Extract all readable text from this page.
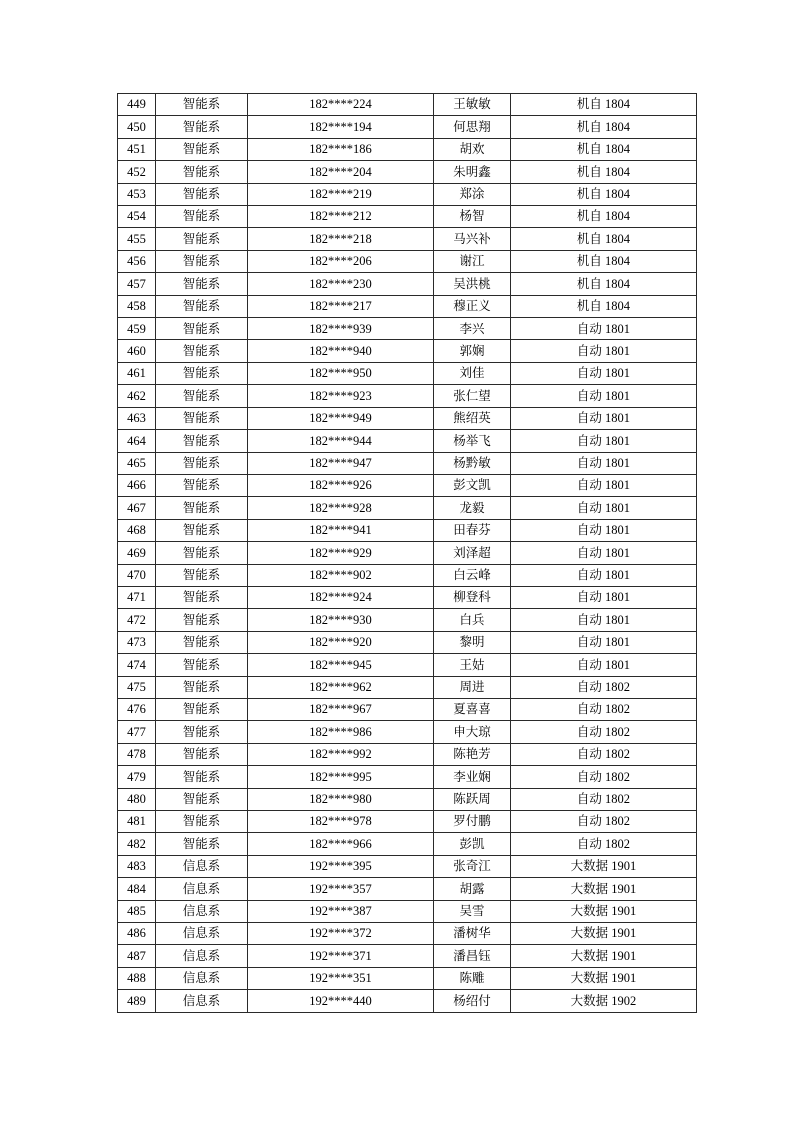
449	智能系	182****224	王敏敏	机自 1804
450	智能系	182****194	何思翔	机自 1804
451	智能系	182****186	胡欢	机自 1804
452	智能系	182****204	朱明鑫	机自 1804
453	智能系	182****219	郑涂	机自 1804
454	智能系	182****212	杨智	机自 1804
455	智能系	182****218	马兴补	机自 1804
456	智能系	182****206	谢江	机自 1804
457	智能系	182****230	吴洪桃	机自 1804
458	智能系	182****217	穆正义	机自 1804
459	智能系	182****939	李兴	自动 1801
460	智能系	182****940	郭娴	自动 1801
461	智能系	182****950	刘佳	自动 1801
462	智能系	182****923	张仁望	自动 1801
463	智能系	182****949	熊绍英	自动 1801
464	智能系	182****944	杨举飞	自动 1801
465	智能系	182****947	杨黔敏	自动 1801
466	智能系	182****926	彭文凯	自动 1801
467	智能系	182****928	龙毅	自动 1801
468	智能系	182****941	田春芬	自动 1801
469	智能系	182****929	刘泽超	自动 1801
470	智能系	182****902	白云峰	自动 1801
471	智能系	182****924	柳登科	自动 1801
472	智能系	182****930	白兵	自动 1801
473	智能系	182****920	黎明	自动 1801
474	智能系	182****945	王姑	自动 1801
475	智能系	182****962	周进	自动 1802
476	智能系	182****967	夏喜喜	自动 1802
477	智能系	182****986	申大琼	自动 1802
478	智能系	182****992	陈艳芳	自动 1802
479	智能系	182****995	李业娴	自动 1802
480	智能系	182****980	陈跃周	自动 1802
481	智能系	182****978	罗付鹏	自动 1802
482	智能系	182****966	彭凯	自动 1802
483	信息系	192****395	张奇江	大数据 1901
484	信息系	192****357	胡露	大数据 1901
485	信息系	192****387	吴雪	大数据 1901
486	信息系	192****372	潘树华	大数据 1901
487	信息系	192****371	潘昌钰	大数据 1901
488	信息系	192****351	陈雕	大数据 1901
489	信息系	192****440	杨绍付	大数据 1902
